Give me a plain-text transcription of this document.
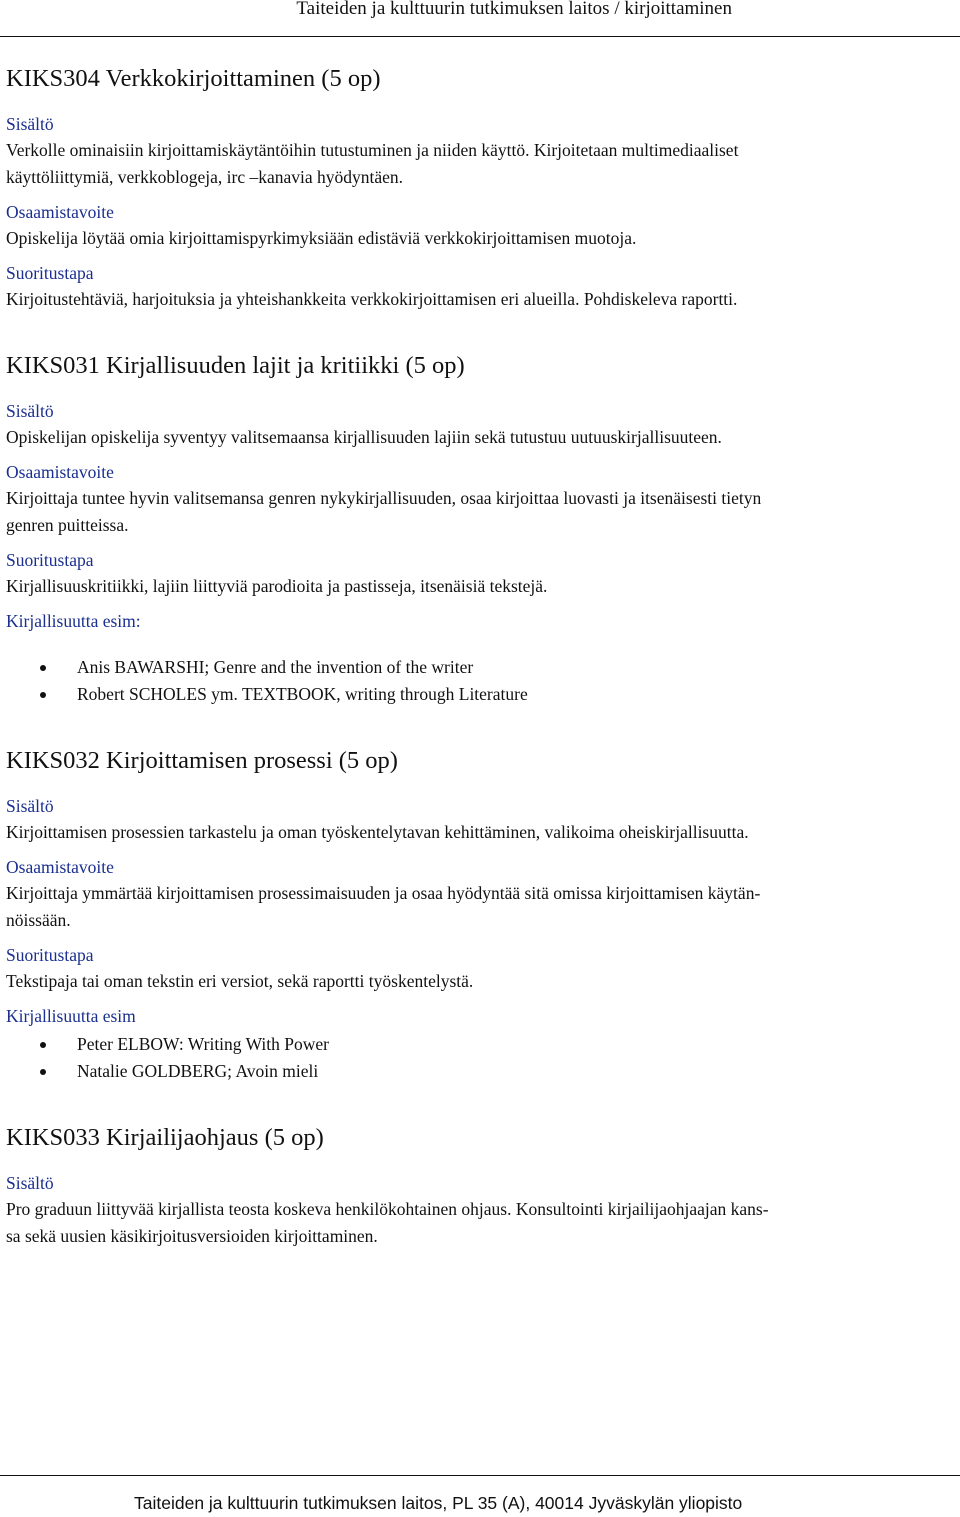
Taiteiden ja kulttuurin tutkimuksen laitos / kirjoittaminen
KIKS304 Verkkokirjoittaminen (5 op)

Sisältö

Verkolle ominaisiin kirjoittamiskäytäntöihin tutustuminen ja niiden käyttö. Kirjoitetaan multimediaaliset

käyttöliittymiä, verkkoblogeja, irc –kanavia hyödyntäen.

Osaamistavoite

Opiskelija löytää omia kirjoittamispyrkimyksiään edistäviä verkkokirjoittamisen muotoja.

Suoritustapa

Kirjoitustehtäviä, harjoituksia ja yhteishankkeita verkkokirjoittamisen eri alueilla. Pohdiskeleva raportti.

KIKS031 Kirjallisuuden lajit ja kritiikki (5 op)

Sisältö

Opiskelijan opiskelija syventyy valitsemaansa kirjallisuuden lajiin sekä tutustuu uutuuskirjallisuuteen.

Osaamistavoite

Kirjoittaja tuntee hyvin valitsemansa genren nykykirjallisuuden, osaa kirjoittaa luovasti ja itsenäisesti tietyn

genren puitteissa.

Suoritustapa

Kirjallisuuskritiikki, lajiin liittyviä parodioita ja pastisseja, itsenäisiä tekstejä.

Kirjallisuutta esim:

Anis BAWARSHI; Genre and the invention of the writer
Robert SCHOLES ym. TEXTBOOK, writing through Literature
KIKS032 Kirjoittamisen prosessi (5 op)

Sisältö

Kirjoittamisen prosessien tarkastelu ja oman työskentelytavan kehittäminen, valikoima oheiskirjallisuutta.

Osaamistavoite

Kirjoittaja ymmärtää kirjoittamisen prosessimaisuuden ja osaa hyödyntää sitä omissa kirjoittamisen käytän-

nöissään.

Suoritustapa

Tekstipaja tai oman tekstin eri versiot, sekä raportti työskentelystä.

Kirjallisuutta esim

Peter ELBOW: Writing With Power
Natalie GOLDBERG; Avoin mieli
KIKS033 Kirjailijaohjaus (5 op)

Sisältö

Pro graduun liittyvää kirjallista teosta koskeva henkilökohtainen ohjaus. Konsultointi kirjailijaohjaajan kans-

sa sekä uusien käsikirjoitusversioiden kirjoittaminen.

Taiteiden ja kulttuurin tutkimuksen laitos, PL 35 (A), 40014 Jyväskylän yliopisto
